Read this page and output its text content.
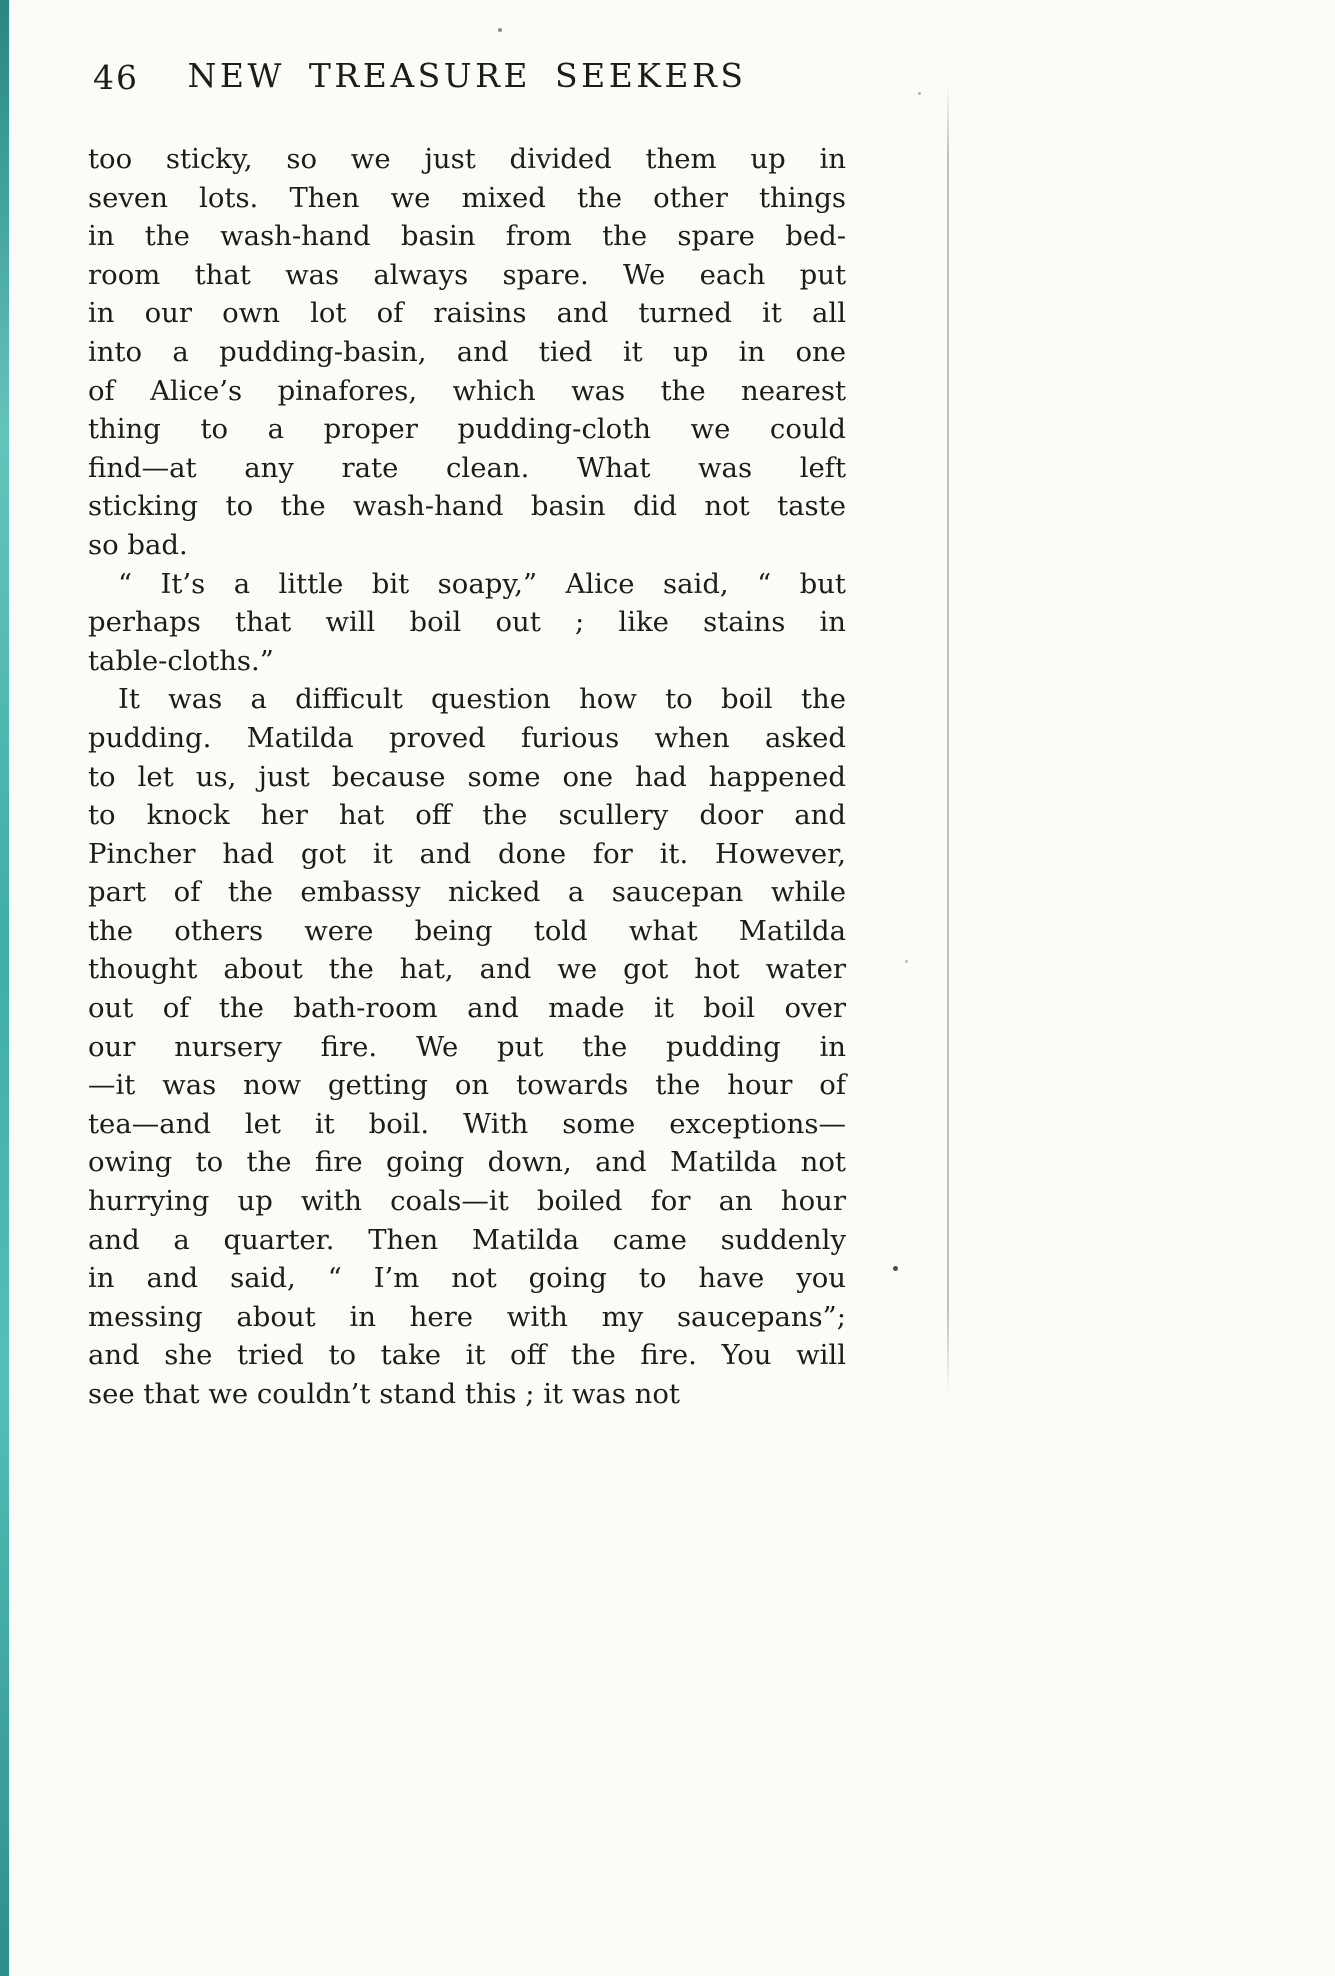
46	NEW TREASURE SEEKERS
too sticky, so we just divided them up in
seven lots. Then we mixed the other things
in the wash-hand basin from the spare bed-
room that was always spare. We each put
in our own lot of raisins and turned it all
into a pudding-basin, and tied it up in one
of Alice’s pinafores, which was the nearest
thing to a proper pudding-cloth we could
find—at any rate clean. What was left
sticking to the wash-hand basin did not taste
so bad.
“ It’s a little bit soapy,” Alice said, “ but
perhaps that will boil out ; like stains in
table-cloths.”
It was a difficult question how to boil the
pudding. Matilda proved furious when asked
to let us, just because some one had happened
to knock her hat off the scullery door and
Pincher had got it and done for it. However,
part of the embassy nicked a saucepan while
the others were being told what Matilda
thought about the hat, and we got hot water
out of the bath-room and made it boil over
our nursery fire. We put the pudding in
—it was now getting on towards the hour of
tea—and let it boil. With some exceptions—
owing to the fire going down, and Matilda not
hurrying up with coals—it boiled for an hour
and a quarter. Then Matilda came suddenly
in and said, “ I’m not going to have you
messing about in here with my saucepans”;
and she tried to take it off the fire. You will
see that we couldn’t stand this ; it was not
